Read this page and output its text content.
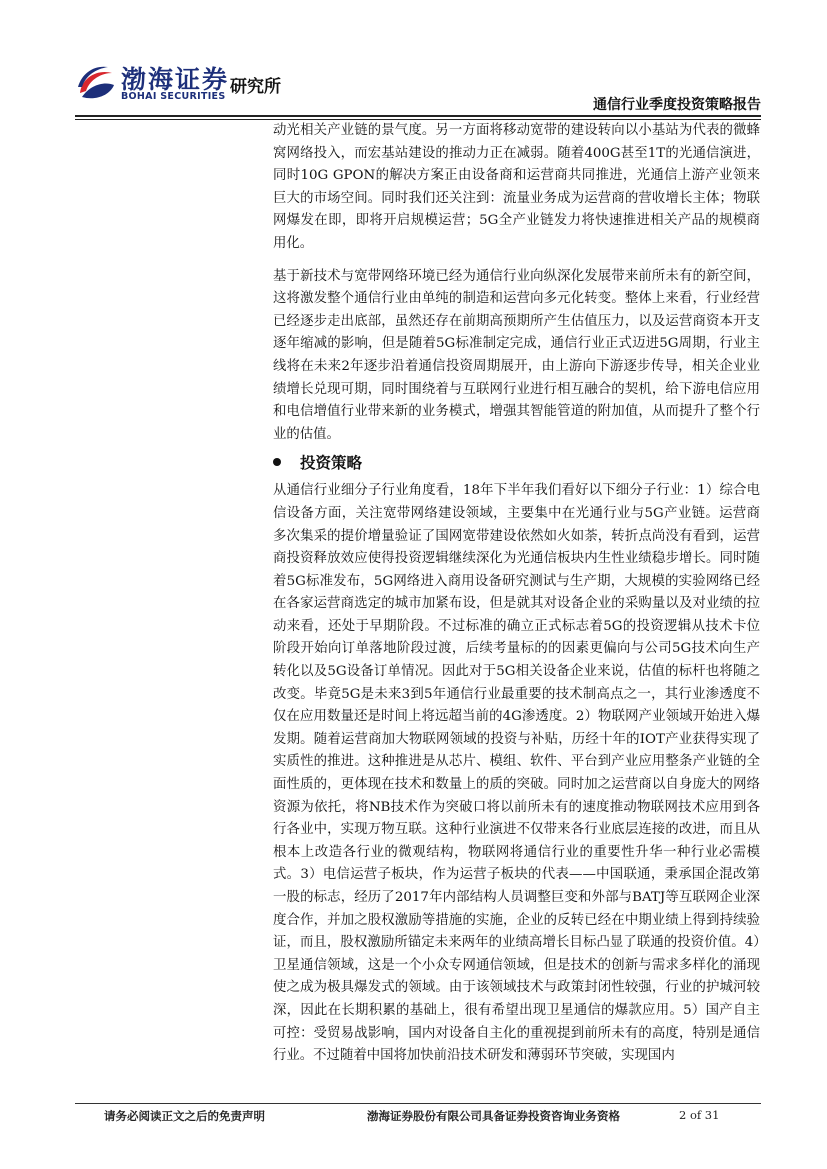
渤海证券
BOHAI SECURITIES 研究所
通信行业季度投资策略报告

动光相关产业链的景气度。另一方面将移动宽带的建设转向以小基站为代表的微蜂窝网络投入，而宏基站建设的推动力正在减弱。随着400G甚至1T的光通信演进，同时10G GPON的解决方案正由设备商和运营商共同推进，光通信上游产业领来巨大的市场空间。同时我们还关注到：流量业务成为运营商的营收增长主体；物联网爆发在即，即将开启规模运营；5G全产业链发力将快速推进相关产品的规模商用化。

基于新技术与宽带网络环境已经为通信行业向纵深化发展带来前所未有的新空间，这将激发整个通信行业由单纯的制造和运营向多元化转变。整体上来看，行业经营已经逐步走出底部，虽然还存在前期高预期所产生估值压力，以及运营商资本开支逐年缩减的影响，但是随着5G标准制定完成，通信行业正式迈进5G周期，行业主线将在未来2年逐步沿着通信投资周期展开，由上游向下游逐步传导，相关企业业绩增长兑现可期，同时围绕着与互联网行业进行相互融合的契机，给下游电信应用和电信增值行业带来新的业务模式，增强其智能管道的附加值，从而提升了整个行业的估值。

投资策略

从通信行业细分子行业角度看，18年下半年我们看好以下细分子行业：1）综合电信设备方面，关注宽带网络建设领域，主要集中在光通行业与5G产业链。运营商多次集采的提价增量验证了国网宽带建设依然如火如荼，转折点尚没有看到，运营商投资释放效应使得投资逻辑继续深化为光通信板块内生性业绩稳步增长。同时随着5G标准发布，5G网络进入商用设备研究测试与生产期，大规模的实验网络已经在各家运营商选定的城市加紧布设，但是就其对设备企业的采购量以及对业绩的拉动来看，还处于早期阶段。不过标准的确立正式标志着5G的投资逻辑从技术卡位阶段开始向订单落地阶段过渡，后续考量标的的因素更偏向与公司5G技术向生产转化以及5G设备订单情况。因此对于5G相关设备企业来说，估值的标杆也将随之改变。毕竟5G是未来3到5年通信行业最重要的技术制高点之一，其行业渗透度不仅在应用数量还是时间上将远超当前的4G渗透度。2）物联网产业领域开始进入爆发期。随着运营商加大物联网领域的投资与补贴，历经十年的IOT产业获得实现了实质性的推进。这种推进是从芯片、模组、软件、平台到产业应用整条产业链的全面性质的，更体现在技术和数量上的质的突破。同时加之运营商以自身庞大的网络资源为依托，将NB技术作为突破口将以前所未有的速度推动物联网技术应用到各行各业中，实现万物互联。这种行业演进不仅带来各行业底层连接的改进，而且从根本上改造各行业的微观结构，物联网将通信行业的重要性升华一种行业必需模式。3）电信运营子板块，作为运营子板块的代表——中国联通，秉承国企混改第一股的标志，经历了2017年内部结构人员调整巨变和外部与BATJ等互联网企业深度合作，并加之股权激励等措施的实施，企业的反转已经在中期业绩上得到持续验证，而且，股权激励所锚定未来两年的业绩高增长目标凸显了联通的投资价值。4）卫星通信领域，这是一个小众专网通信领域，但是技术的创新与需求多样化的涌现使之成为极具爆发式的领域。由于该领域技术与政策封闭性较强，行业的护城河较深，因此在长期积累的基础上，很有希望出现卫星通信的爆款应用。5）国产自主可控：受贸易战影响，国内对设备自主化的重视提到前所未有的高度，特别是通信行业。不过随着中国将加快前沿技术研发和薄弱环节突破，实现国内

请务必阅读正文之后的免责声明	渤海证券股份有限公司具备证券投资咨询业务资格	2 of 31
